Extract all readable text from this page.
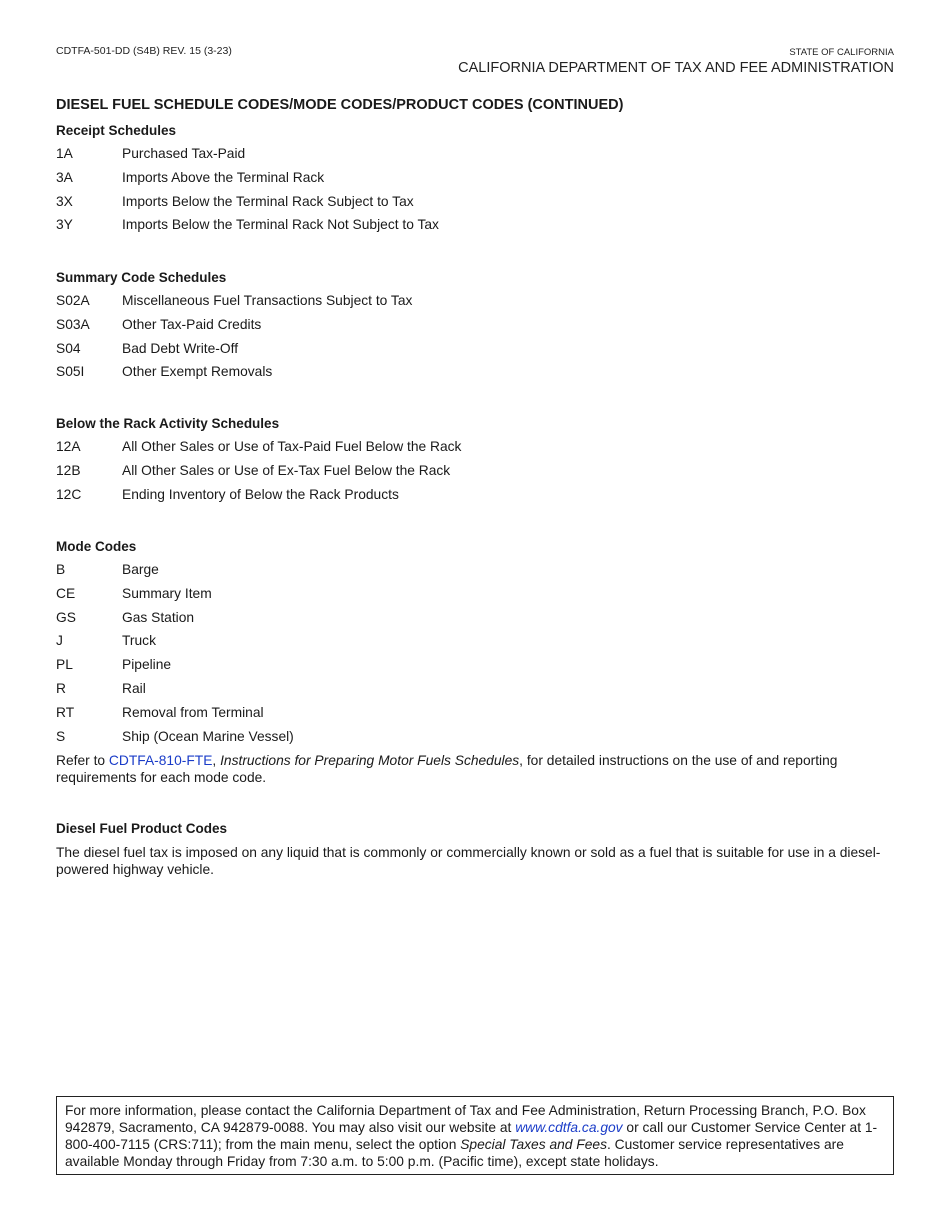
CDTFA-501-DD (S4B) REV. 15 (3-23)	STATE OF CALIFORNIA
CALIFORNIA DEPARTMENT OF TAX AND FEE ADMINISTRATION
DIESEL FUEL SCHEDULE CODES/MODE CODES/PRODUCT CODES (CONTINUED)
Receipt Schedules
1A	Purchased Tax-Paid
3A	Imports Above the Terminal Rack
3X	Imports Below the Terminal Rack Subject to Tax
3Y	Imports Below the Terminal Rack Not Subject to Tax
Summary Code Schedules
S02A	Miscellaneous Fuel Transactions Subject to Tax
S03A	Other Tax-Paid Credits
S04	Bad Debt Write-Off
S05I	Other Exempt Removals
Below the Rack Activity Schedules
12A	All Other Sales or Use of Tax-Paid Fuel Below the Rack
12B	All Other Sales or Use of Ex-Tax Fuel Below the Rack
12C	Ending Inventory of Below the Rack Products
Mode Codes
B	Barge
CE	Summary Item
GS	Gas Station
J	Truck
PL	Pipeline
R	Rail
RT	Removal from Terminal
S	Ship (Ocean Marine Vessel)

Refer to CDTFA-810-FTE, Instructions for Preparing Motor Fuels Schedules, for detailed instructions on the use of and reporting requirements for each mode code.

Diesel Fuel Product Codes

The diesel fuel tax is imposed on any liquid that is commonly or commercially known or sold as a fuel that is suitable for use in a diesel-powered highway vehicle.

For more information, please contact the California Department of Tax and Fee Administration, Return Processing Branch, P.O. Box 942879, Sacramento, CA 942879-0088. You may also visit our website at www.cdtfa.ca.gov or call our Customer Service Center at 1-800-400-7115 (CRS:711); from the main menu, select the option Special Taxes and Fees. Customer service representatives are available Monday through Friday from 7:30 a.m. to 5:00 p.m. (Pacific time), except state holidays.
